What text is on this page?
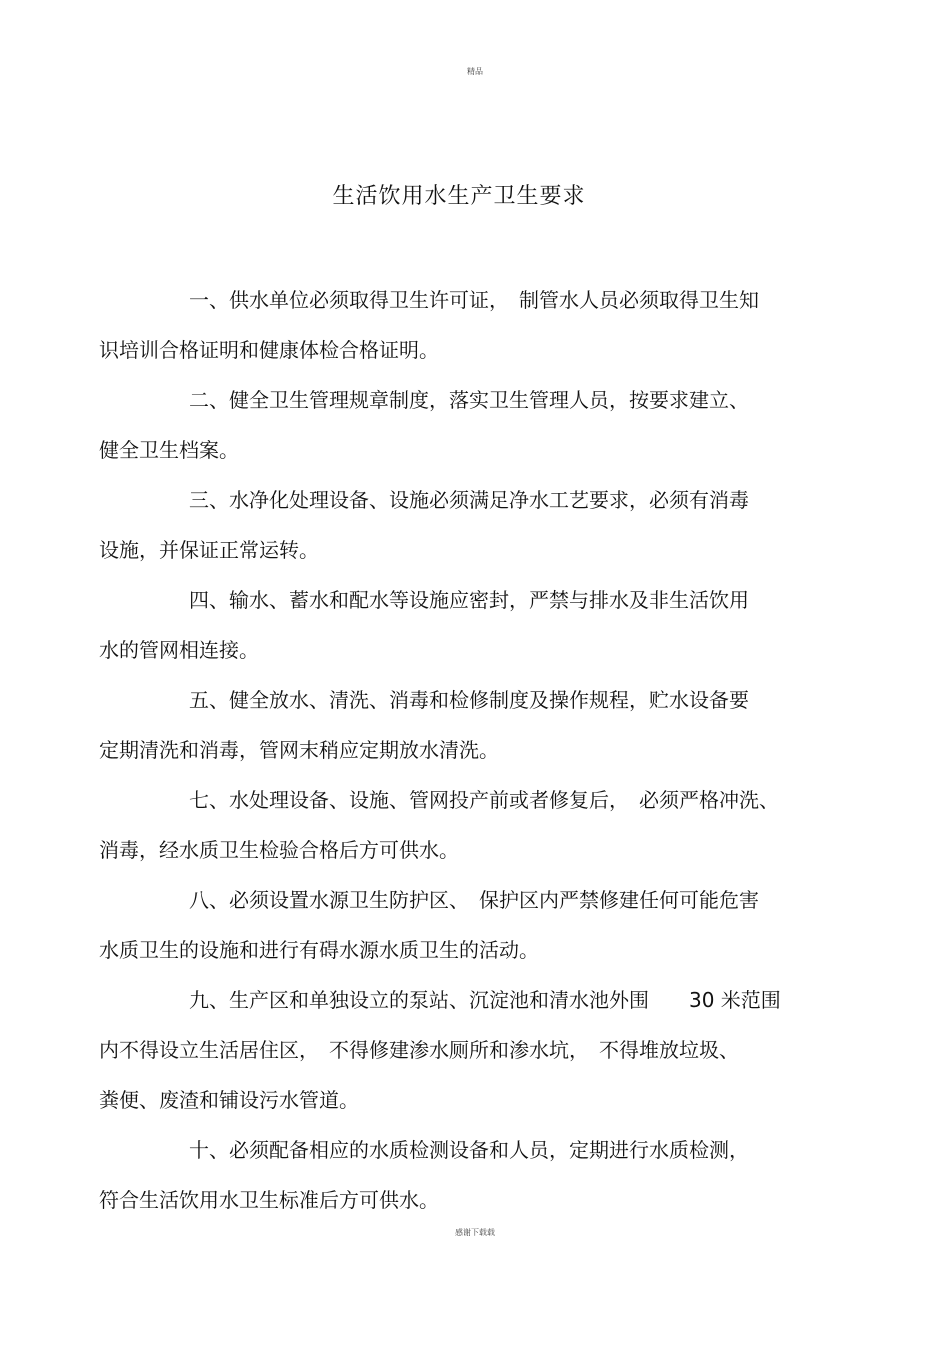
精品
生活饮用水生产卫生要求

一、供水单位必须取得卫生许可证，　制管水人员必须取得卫生知
识培训合格证明和健康体检合格证明。

二、健全卫生管理规章制度，落实卫生管理人员，按要求建立、
健全卫生档案。

三、水净化处理设备、设施必须满足净水工艺要求，必须有消毒
设施，并保证正常运转。

四、输水、蓄水和配水等设施应密封，严禁与排水及非生活饮用
水的管网相连接。

五、健全放水、清洗、消毒和检修制度及操作规程，贮水设备要
定期清洗和消毒，管网末稍应定期放水清洗。

七、水处理设备、设施、管网投产前或者修复后，　必须严格冲洗、
消毒，经水质卫生检验合格后方可供水。

八、必须设置水源卫生防护区、　保护区内严禁修建任何可能危害
水质卫生的设施和进行有碍水源水质卫生的活动。

九、生产区和单独设立的泵站、沉淀池和清水池外围　　30 米范围
内不得设立生活居住区，　不得修建渗水厕所和渗水坑，　不得堆放垃圾、
粪便、废渣和铺设污水管道。

十、必须配备相应的水质检测设备和人员，定期进行水质检测，
符合生活饮用水卫生标准后方可供水。

感谢下载载
